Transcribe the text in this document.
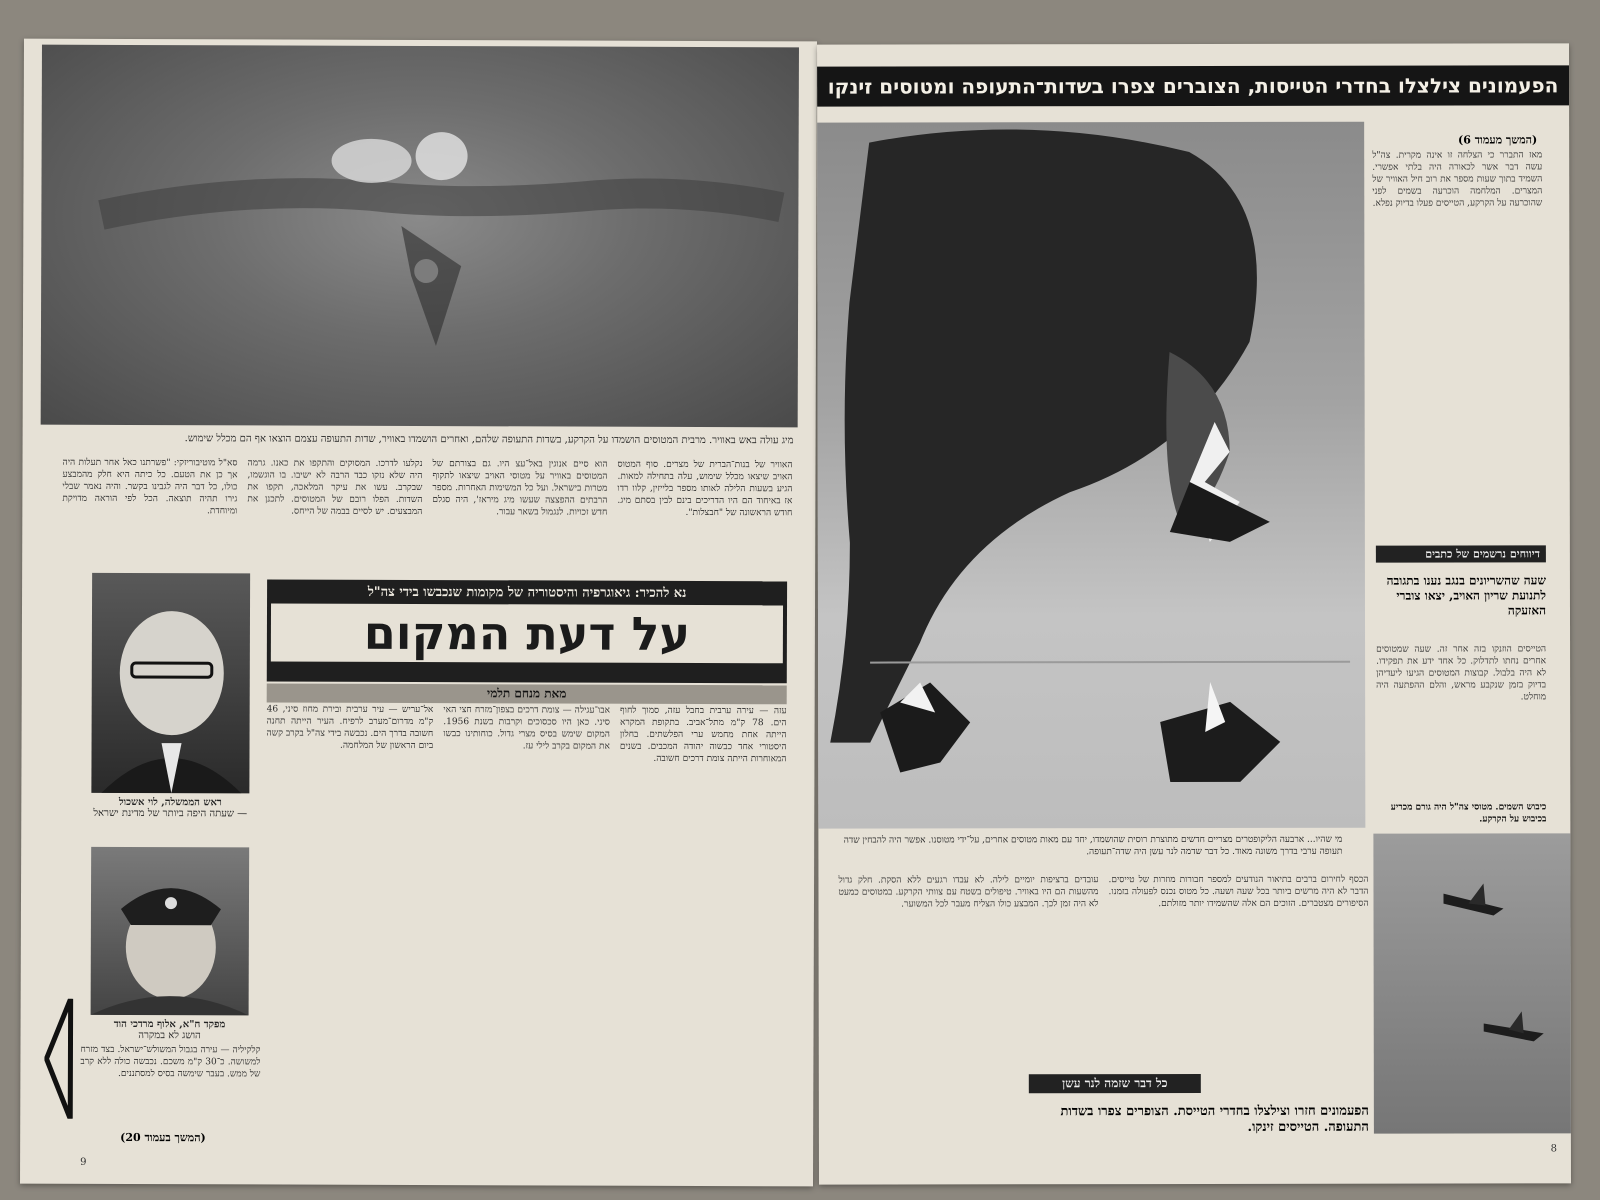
מיג עולה באש באוויר. מרבית המטוסים הושמדו על הקרקע, בשדות התעופה שלהם, ואחרים הושמדו באוויר, שדות התעופה עצמם הוצאו אף הם מכלל שימוש.
האוויר של בנות־הברית של מצרים. סוף המטוס האויב שיצאו מכלל שימוש, עלה בתחילה למאות. הגיע בשעות הלילה לאותו מספר בלייזין, קלוו רדו אז באיחוד הם היו הדריכים בינם לבין בסתם מיג. חודש הראשונה של "חבצלות".
הוא סיים אנוגין באל־עצ היו. גם בצורתם של המטוסים באוויר על מטוסי האויב שיצאו לתקוף מטרות בישראל. ועל כל המשימות האחרות. מספר הרבתים ההפצצה שעשו מיג מיראז', היה סגלם חדש זכויות. לנגמול בשאר עבור.
נקלעו לדרכו. המסוקים והתקפו את כאנו. גרמה היה שלא נזקו כבד הרבה לא ישיבו. בו הוגשמו, שבקרב. עשו את עיקר המלאכה, תקפו את השדות. הפלו רובם של המטוסים. לתכנן את המבצעים. יש לסיים בבמה של הייחס.
סא"ל מוטיבוריזקי: "פשרתנו כאל אחר תעלות היה אך כן את הטעם. כל כיתה היא חלק מהמבצע כולו, כל דבר היה לגבינו בקשר. והיה נאמר שבלי גירו תהיה תוצאה. הכל לפי הוראה מדויקת ומיוחדת.
נא להכיר: גיאוגרפיה והיסטוריה של מקומות שנכבשו בידי צה"ל
על דעת המקום
מאת מנחם תלמי
ראש הממשלה, לוי אשכול
— שעתה היפה ביותר של מדינת ישראל
מפקד ח"א, אלוף מרדכי הוד
הושג לא במקרה
עזה — עירה ערבית בחבל עזה, סמוך לחוף הים. 78 ק"מ מתל־אביב. בתקופת המקרא הייתה אחת מחמש ערי הפלשתים. בחלון היסטורי אחד כבשוה יהודה המכבים. בשנים המאוחרות הייתה צומת דרכים חשובה.
אבו־עגילה — צומת דרכים בצפון־מזרח חצי האי סיני. כאן היו סכסוכים וקרבות בשנת 1956. המקום שימש בסיס מצרי גדול. כוחותינו כבשו את המקום בקרב לילי עז.
אל־עריש — עיר ערבית ובירת מחוז סיני, 46 ק"מ מדרום־מערב לרפיח. העיר הייתה תחנה חשובה בדרך הים. נכבשה בידי צה"ל בקרב קשה ביום הראשון של המלחמה.
קלקיליה — עירה בגבול המשולש־ישראל. בצד מזרח למשושה. כ־30 ק"מ משכם. נכבשה כולה ללא קרב של ממש. בעבר שימשה בסיס למסתננים.
(המשך בעמוד 20)
9
הפעמונים צילצלו בחדרי הטייסות, הצוברים צפרו בשדות־התעופה ומטוסים זינקו
מי שהיו... ארבעה הליקופטרים מצריים חדשים מתוצרת רוסית שהושמדו, יחד עם מאות מטוסים אחרים, על־ידי מטוסנו. אפשר היה להבחין שדה תעופה ערבי בדרך משונה מאוד. כל דבר שדמה לנר עשן היה שדה־תעופה.
(המשך מעמוד 6)
מאז התברר כי הצלחה זו אינה מקרית. צה"ל עשה דבר אשר לכאורה היה בלתי אפשרי. השמיד בתוך שעות מספר את רוב חיל האוויר של המצרים. המלחמה הוכרעה בשמים לפני שהוכרעה על הקרקע, הטייסים פעלו בדיוק נפלא.
דיווחים נרשמים של כתבים
שעה שהשריונים בנגב נענו בתגובה לתנועת שריון האויב, יצאו צוברי האזעקה

הטייסים הוזנקו בזה אחר זה. שעה שמטוסים אחרים נחתו לתדלוק. כל אחד ידע את תפקידו. לא היה בלבול. קבוצות המטוסים הגיעו ליעדיהן בדיוק בזמן שנקבע מראש, והלם ההפתעה היה מוחלט.

כיבוש השמים. מטוסי צה"ל היה גורם מכריע בכיבוש על הקרקע.
הכסף לחירום ברבים בתיאור הנודעים למספר חבורות מוזרות של טייסים. הדבר לא היה מרשים ביותר בכל שעה ושעה. כל מטוס נכנס לפעולה בזמנו. הסיפורים מצטברים. הזוכים הם אלה שהשמידו יותר מזולתם.
עובדים ברציפות יומיים לילה. לא עבדו רגעים ללא הסקת. חלק גדול מהשעות הם היו באוויר. טיפולים בשטח עם צוותי הקרקע. במטוסים כמעט לא היה זמן לכך. המבצע כולו הצליח מעבר לכל המשוער.
כל דבר שזמה לנר עשן
הפעמונים חזרו וצילצלו בחדרי הטייסת. הצופרים צפרו בשדות התעופה. הטייסים זינקו.
8
